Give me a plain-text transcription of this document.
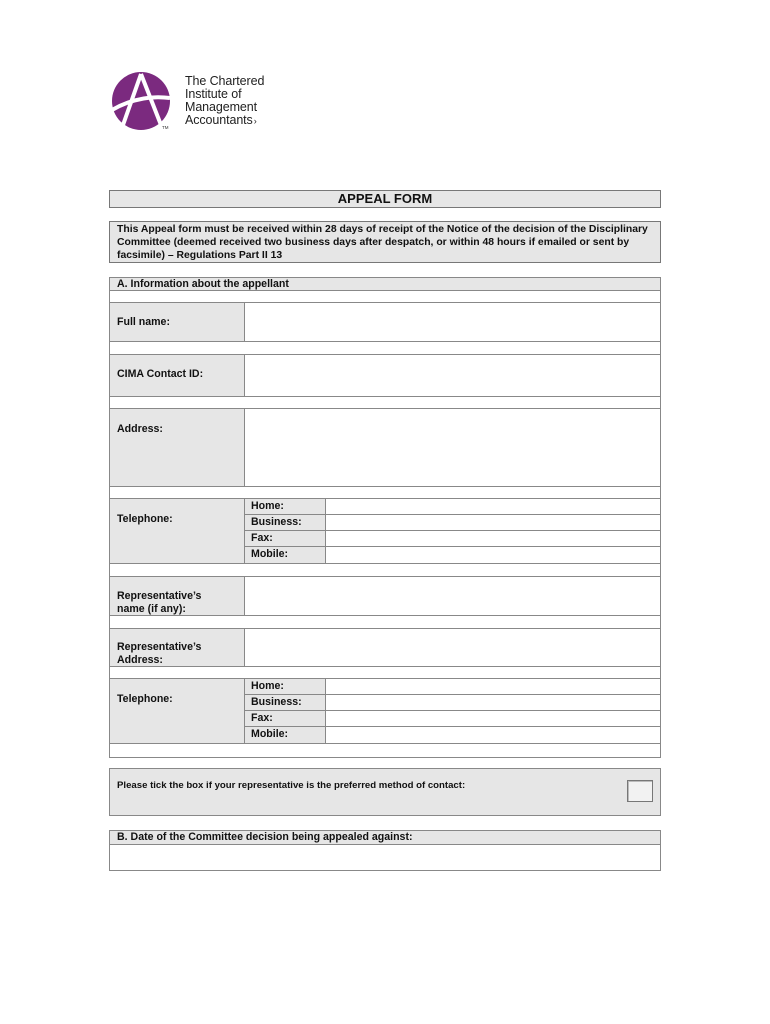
The Chartered
Institute of
Management
Accountants›
TM
APPEAL FORM
This Appeal form must be received within 28 days of receipt of the Notice of the decision of the Disciplinary Committee (deemed received two business days after despatch, or within 48 hours if emailed or sent by facsimile) – Regulations Part II 13
A. Information about the appellant
Full name:
CIMA Contact ID:
Address:
Telephone:
Home:
Business:
Fax:
Mobile:
Representative’s
name (if any):
Representative’s
Address:
Telephone:
Home:
Business:
Fax:
Mobile:
Please tick the box if your representative is the preferred method of contact:
B. Date of the Committee decision being appealed against:
